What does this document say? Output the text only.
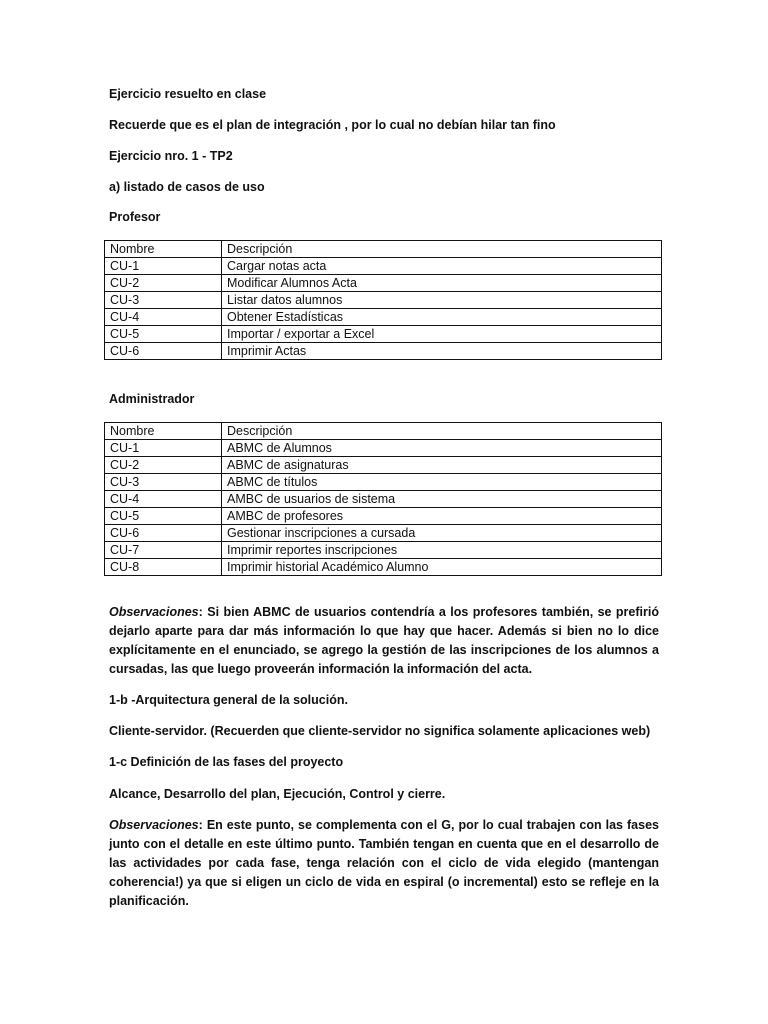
Ejercicio resuelto en clase
Recuerde que es el plan de integración , por lo cual no debían hilar tan fino
Ejercicio nro. 1 - TP2
a) listado de casos de uso
Profesor
Nombre	Descripción
CU-1	Cargar notas acta
CU-2	Modificar Alumnos Acta
CU-3	Listar datos alumnos
CU-4	Obtener Estadísticas
CU-5	Importar / exportar a Excel
CU-6	Imprimir Actas
Administrador
Nombre	Descripción
CU-1	ABMC de Alumnos
CU-2	ABMC de asignaturas
CU-3	ABMC de títulos
CU-4	AMBC de usuarios de sistema
CU-5	AMBC de profesores
CU-6	Gestionar inscripciones a cursada
CU-7	Imprimir reportes inscripciones
CU-8	Imprimir historial Académico Alumno
Observaciones: Si bien ABMC de usuarios contendría a los profesores también, se prefirió dejarlo aparte para dar más información lo que hay que hacer. Además si bien no lo dice explícitamente en el enunciado, se agrego la gestión de las inscripciones de los alumnos a cursadas, las que luego proveerán información la información del acta.
1-b -Arquitectura general de la solución.
Cliente-servidor. (Recuerden que cliente-servidor no significa solamente aplicaciones web)
1-c Definición de las fases del proyecto
Alcance, Desarrollo del plan, Ejecución, Control y cierre.
Observaciones: En este punto, se complementa con el G, por lo cual trabajen con las fases junto con el detalle en este último punto. También tengan en cuenta que en el desarrollo de las actividades por cada fase, tenga relación con el ciclo de vida elegido (mantengan coherencia!) ya que si eligen un ciclo de vida en espiral (o incremental) esto se refleje en la planificación.
